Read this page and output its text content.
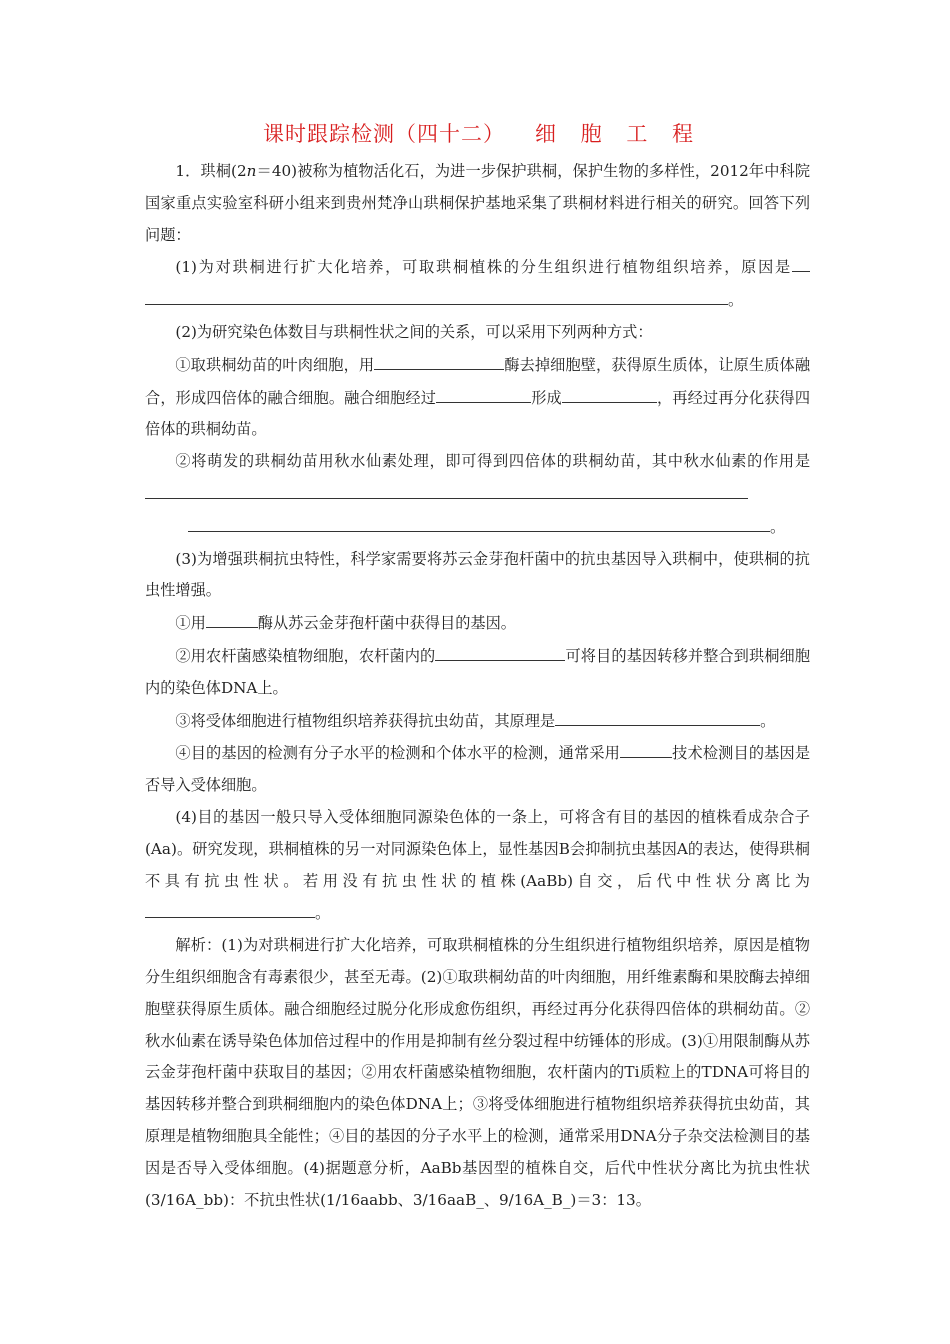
课时跟踪检测（四十二） 细 胞 工 程

1．珙桐(2n＝40)被称为植物活化石，为进一步保护珙桐，保护生物的多样性，2012年中科院国家重点实验室科研小组来到贵州梵净山珙桐保护基地采集了珙桐材料进行相关的研究。回答下列问题：

(1)为对珙桐进行扩大化培养，可取珙桐植株的分生组织进行植物组织培养，原因是。

(2)为研究染色体数目与珙桐性状之间的关系，可以采用下列两种方式：

①取珙桐幼苗的叶肉细胞，用	酶去掉细胞壁，获得原生质体，让原生质体融合，形成四倍体的融合细胞。融合细胞经过	形成	，再经过再分化获得四倍体的珙桐幼苗。

②将萌发的珙桐幼苗用秋水仙素处理，即可得到四倍体的珙桐幼苗，其中秋水仙素的作用是。

(3)为增强珙桐抗虫特性，科学家需要将苏云金芽孢杆菌中的抗虫基因导入珙桐中，使珙桐的抗虫性增强。

①用	酶从苏云金芽孢杆菌中获得目的基因。

②用农杆菌感染植物细胞，农杆菌内的	可将目的基因转移并整合到珙桐细胞内的染色体DNA上。

③将受体细胞进行植物组织培养获得抗虫幼苗，其原理是	。

④目的基因的检测有分子水平的检测和个体水平的检测，通常采用	技术检测目的基因是否导入受体细胞。

(4)目的基因一般只导入受体细胞同源染色体的一条上，可将含有目的基因的植株看成杂合子(Aa)。研究发现，珙桐植株的另一对同源染色体上，显性基因B会抑制抗虫基因A的表达，使得珙桐不具有抗虫性状。若用没有抗虫性状的植株(AaBb)自交，后代中性状分离比为。

解析：(1)为对珙桐进行扩大化培养，可取珙桐植株的分生组织进行植物组织培养，原因是植物分生组织细胞含有毒素很少，甚至无毒。(2)①取珙桐幼苗的叶肉细胞，用纤维素酶和果胶酶去掉细胞壁获得原生质体。融合细胞经过脱分化形成愈伤组织，再经过再分化获得四倍体的珙桐幼苗。②秋水仙素在诱导染色体加倍过程中的作用是抑制有丝分裂过程中纺锤体的形成。(3)①用限制酶从苏云金芽孢杆菌中获取目的基因；②用农杆菌感染植物细胞，农杆菌内的Ti质粒上的TDNA可将目的基因转移并整合到珙桐细胞内的染色体DNA上；③将受体细胞进行植物组织培养获得抗虫幼苗，其原理是植物细胞具全能性；④目的基因的分子水平上的检测，通常采用DNA分子杂交法检测目的基因是否导入受体细胞。(4)据题意分析，AaBb基因型的植株自交，后代中性状分离比为抗虫性状(3/16A_bb)：不抗虫性状(1/16aabb、3/16aaB_、9/16A_B_)＝3：13。
